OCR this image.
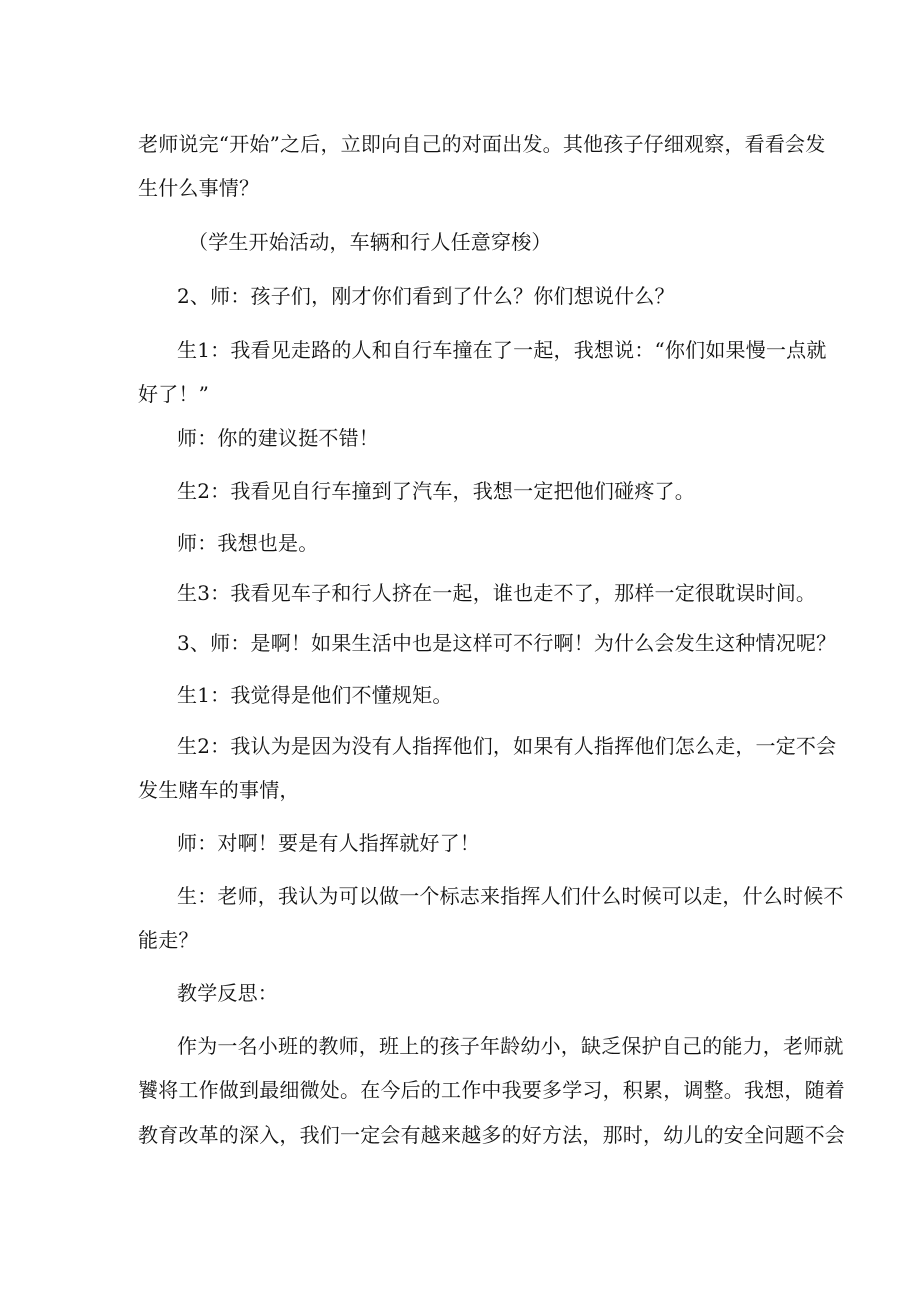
老师说完“开始”之后，立即向自己的对面出发。其他孩子仔细观察，看看会发
生什么事情？
（学生开始活动，车辆和行人任意穿梭）
2、师：孩子们，刚才你们看到了什么？你们想说什么？
生1：我看见走路的人和自行车撞在了一起，我想说：“你们如果慢一点就
好了！”
师：你的建议挺不错！
生2：我看见自行车撞到了汽车，我想一定把他们碰疼了。
师：我想也是。
生3：我看见车子和行人挤在一起，谁也走不了，那样一定很耽误时间。
3、师：是啊！如果生活中也是这样可不行啊！为什么会发生这种情况呢？
生1：我觉得是他们不懂规矩。
生2：我认为是因为没有人指挥他们，如果有人指挥他们怎么走，一定不会
发生赌车的事情，
师：对啊！要是有人指挥就好了！
生：老师，我认为可以做一个标志来指挥人们什么时候可以走，什么时候不
能走？
教学反思：
作为一名小班的教师，班上的孩子年龄幼小，缺乏保护自己的能力，老师就
饕将工作做到最细微处。在今后的工作中我要多学习，积累，调整。我想，随着
教育改革的深入，我们一定会有越来越多的好方法，那时，幼儿的安全问题不会
